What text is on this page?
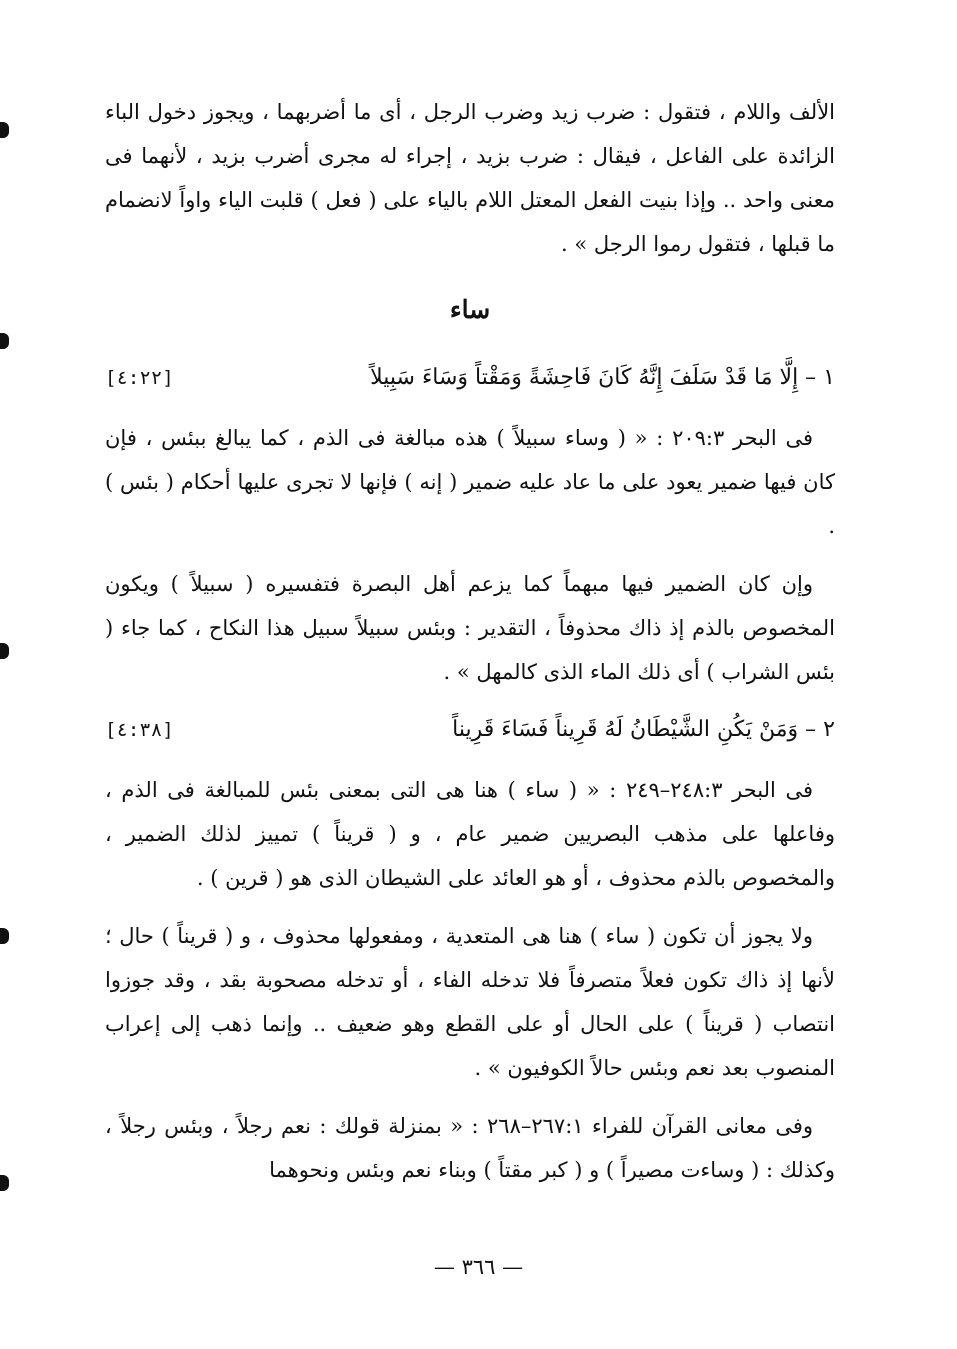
الألف واللام ، فتقول : ضرب زيد وضرب الرجل ، أى ما أضربهما ، ويجوز دخول الباء الزائدة على الفاعل ، فيقال : ضرب بزيد ، إجراء له مجرى أضرب بزيد ، لأنهما فى معنى واحد .. وإذا بنيت الفعل المعتل اللام بالياء على ( فعل ) قلبت الياء واواً لانضمام ما قبلها ، فتقول رموا الرجل » .

ساء
١ – إِلَّا مَا قَدْ سَلَفَ إِنَّهُ كَانَ فَاحِشَةً وَمَقْتاً وَسَاءَ سَبِيلاً
[٤:٢٢]

فى البحر ٢٠٩:٣ : « ( وساء سبيلاً ) هذه مبالغة فى الذم ، كما يبالغ ببئس ، فإن كان فيها ضمير يعود على ما عاد عليه ضمير ( إنه ) فإنها لا تجرى عليها أحكام ( بئس ) .

وإن كان الضمير فيها مبهماً كما يزعم أهل البصرة فتفسيره ( سبيلاً ) ويكون المخصوص بالذم إذ ذاك محذوفاً ، التقدير : وبئس سبيلاً سبيل هذا النكاح ، كما جاء ( بئس الشراب ) أى ذلك الماء الذى كالمهل » .

٢ – وَمَنْ يَكُنِ الشَّيْطَانُ لَهُ قَرِيناً فَسَاءَ قَرِيناً
[٤:٣٨]

فى البحر ٢٤٨:٣–٢٤٩ : « ( ساء ) هنا هى التى بمعنى بئس للمبالغة فى الذم ، وفاعلها على مذهب البصريين ضمير عام ، و ( قريناً ) تمييز لذلك الضمير ، والمخصوص بالذم محذوف ، أو هو العائد على الشيطان الذى هو ( قرين ) .

ولا يجوز أن تكون ( ساء ) هنا هى المتعدية ، ومفعولها محذوف ، و ( قريناً ) حال ؛ لأنها إذ ذاك تكون فعلاً متصرفاً فلا تدخله الفاء ، أو تدخله مصحوبة بقد ، وقد جوزوا انتصاب ( قريناً ) على الحال أو على القطع وهو ضعيف .. وإنما ذهب إلى إعراب المنصوب بعد نعم وبئس حالاً الكوفيون » .

وفى معانى القرآن للفراء ٢٦٧:١–٢٦٨ : « بمنزلة قولك : نعم رجلاً ، وبئس رجلاً ، وكذلك : ( وساءت مصيراً ) و ( كبر مقتاً ) وبناء نعم وبئس ونحوهما

— ٣٦٦ —
